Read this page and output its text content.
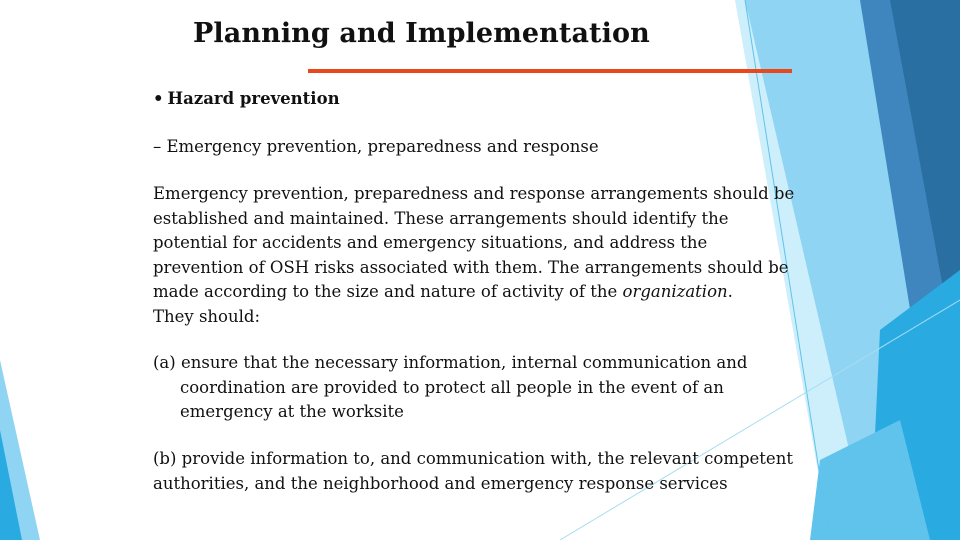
Planning and Implementation
• Hazard prevention
– Emergency prevention, preparedness and response
Emergency prevention, preparedness and response arrangements should be
established and maintained. These arrangements should identify the
potential for accidents and emergency situations, and address the
prevention of OSH risks associated with them. The arrangements should be
made according to the size and nature of activity of the organization.
They should:
(a) ensure that the necessary information, internal communication and
coordination are provided to protect all people in the event of an
emergency at the worksite
(b) provide information to, and communication with, the relevant competent
authorities, and the neighborhood and emergency response services
